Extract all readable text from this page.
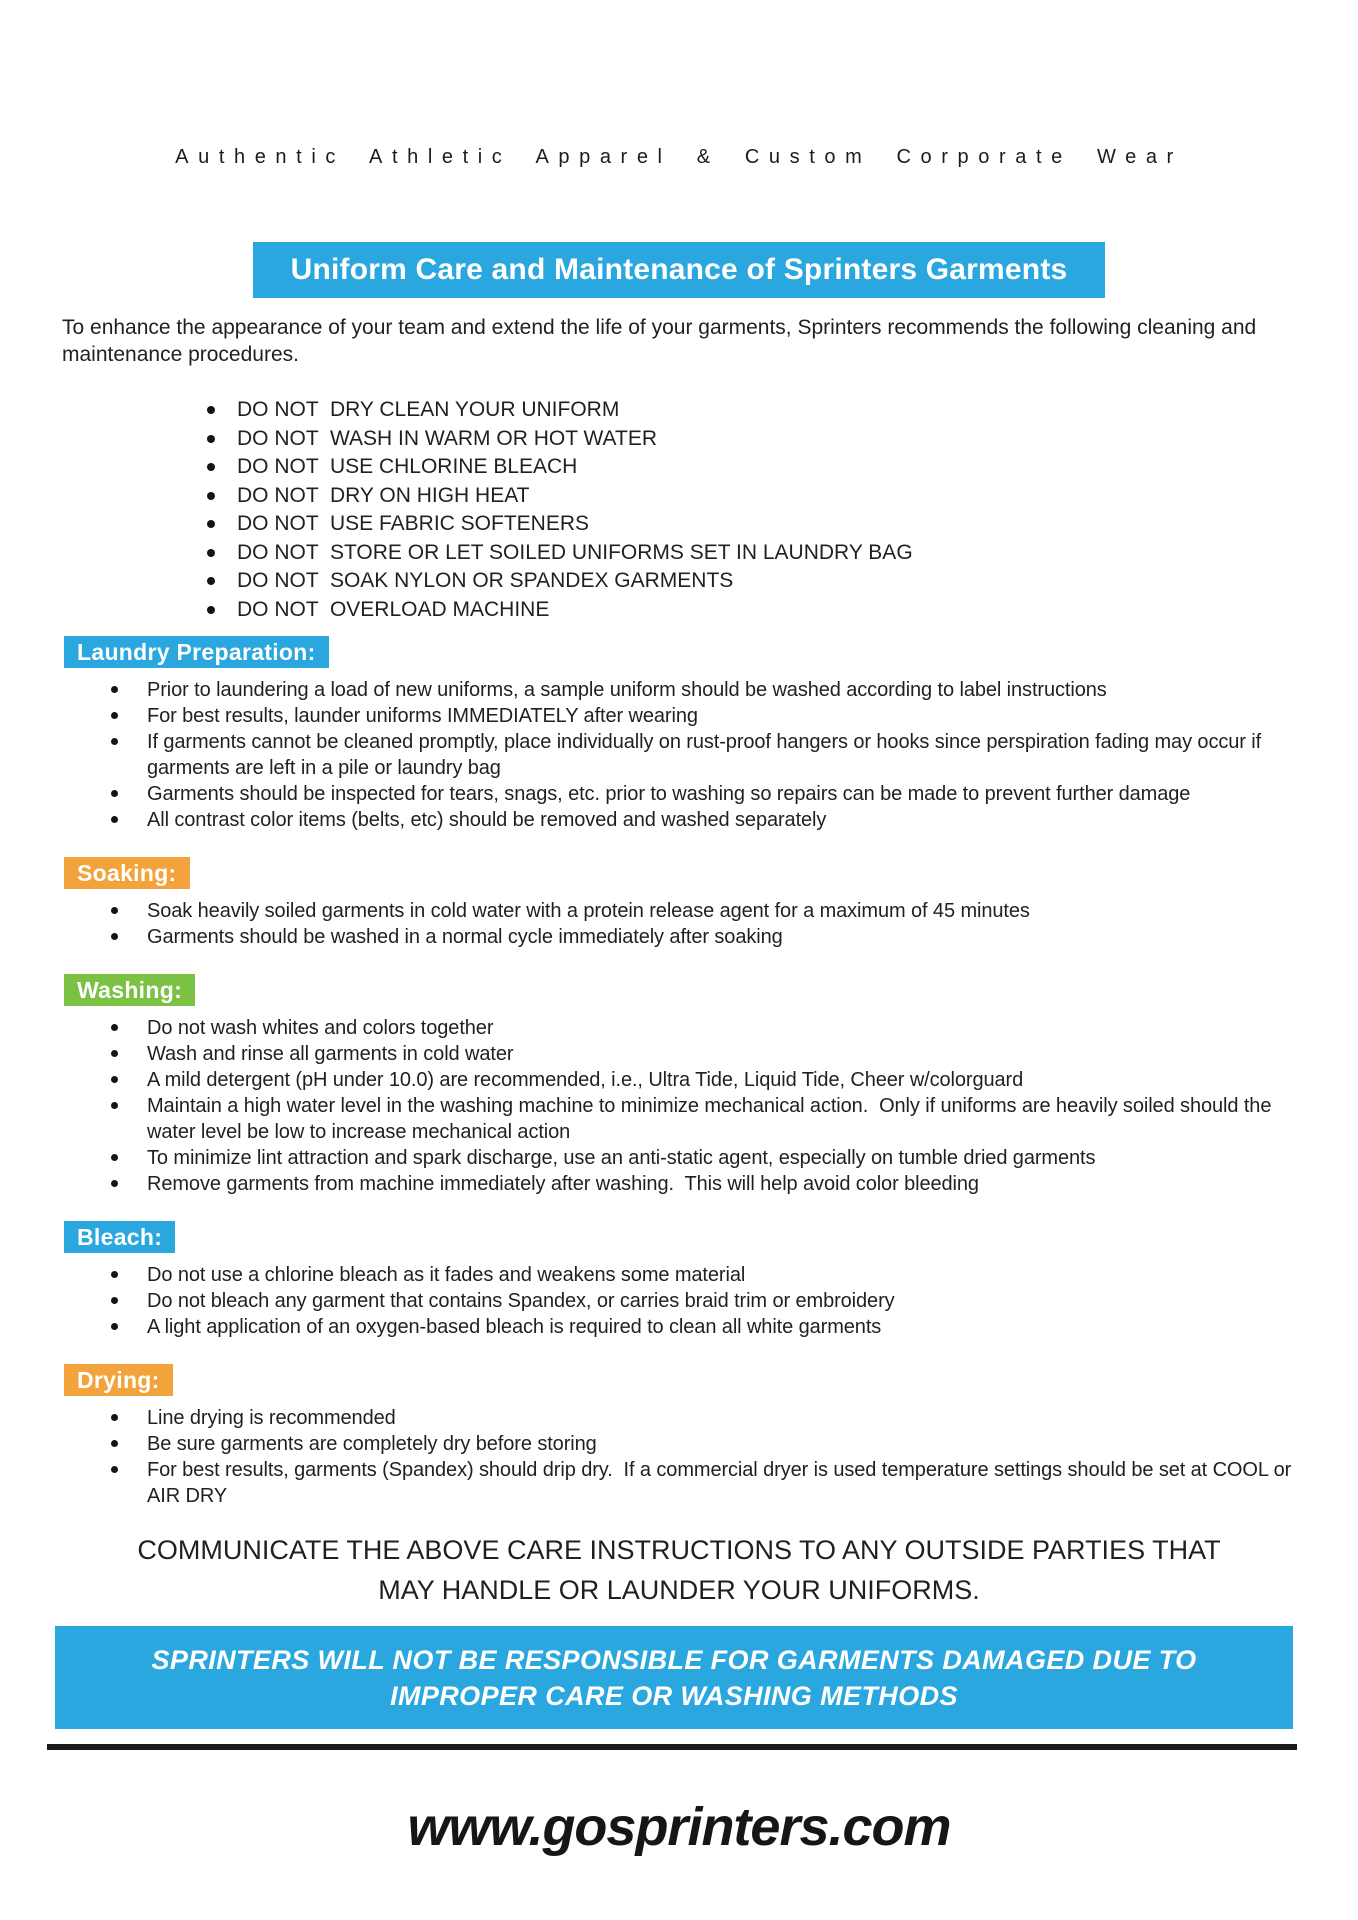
Authentic Athletic Apparel & Custom Corporate Wear
Uniform Care and Maintenance of Sprinters Garments

To enhance the appearance of your team and extend the life of your garments, Sprinters recommends the following cleaning and maintenance procedures.

DO NOT  DRY CLEAN YOUR UNIFORM
DO NOT  WASH IN WARM OR HOT WATER
DO NOT  USE CHLORINE BLEACH
DO NOT  DRY ON HIGH HEAT
DO NOT  USE FABRIC SOFTENERS
DO NOT  STORE OR LET SOILED UNIFORMS SET IN LAUNDRY BAG
DO NOT  SOAK NYLON OR SPANDEX GARMENTS
DO NOT  OVERLOAD MACHINE
Laundry Preparation:
Prior to laundering a load of new uniforms, a sample uniform should be washed according to label instructions
For best results, launder uniforms IMMEDIATELY after wearing
If garments cannot be cleaned promptly, place individually on rust-proof hangers or hooks since perspiration fading may occur if garments are left in a pile or laundry bag
Garments should be inspected for tears, snags, etc. prior to washing so repairs can be made to prevent further damage
All contrast color items (belts, etc) should be removed and washed separately
Soaking:
Soak heavily soiled garments in cold water with a protein release agent for a maximum of 45 minutes
Garments should be washed in a normal cycle immediately after soaking
Washing:
Do not wash whites and colors together
Wash and rinse all garments in cold water
A mild detergent (pH under 10.0) are recommended, i.e., Ultra Tide, Liquid Tide, Cheer w/colorguard
Maintain a high water level in the washing machine to minimize mechanical action.  Only if uniforms are heavily soiled should the water level be low to increase mechanical action
To minimize lint attraction and spark discharge, use an anti-static agent, especially on tumble dried garments
Remove garments from machine immediately after washing.  This will help avoid color bleeding
Bleach:
Do not use a chlorine bleach as it fades and weakens some material
Do not bleach any garment that contains Spandex, or carries braid trim or embroidery
A light application of an oxygen-based bleach is required to clean all white garments
Drying:
Line drying is recommended
Be sure garments are completely dry before storing
For best results, garments (Spandex) should drip dry.  If a commercial dryer is used temperature settings should be set at COOL or AIR DRY
COMMUNICATE THE ABOVE CARE INSTRUCTIONS TO ANY OUTSIDE PARTIES THAT
MAY HANDLE OR LAUNDER YOUR UNIFORMS.
SPRINTERS WILL NOT BE RESPONSIBLE FOR GARMENTS DAMAGED DUE TO
IMPROPER CARE OR WASHING METHODS
www.gosprinters.com
